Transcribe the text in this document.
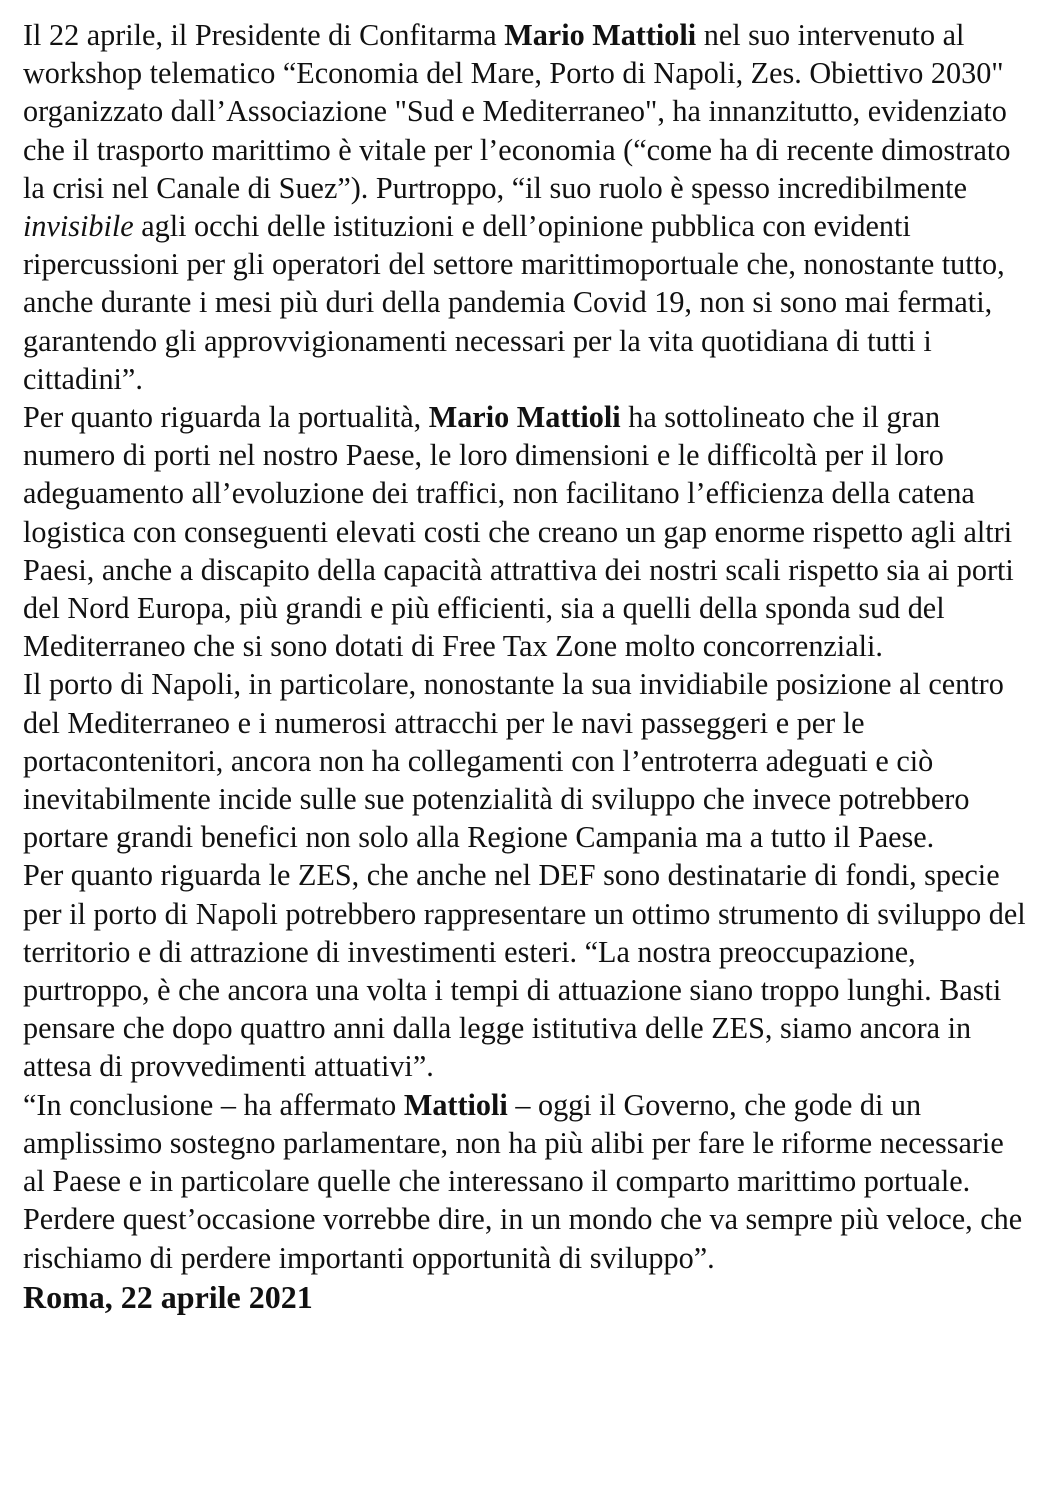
Il 22 aprile, il Presidente di Confitarma Mario Mattioli nel suo intervenuto al workshop telematico “Economia del Mare, Porto di Napoli, Zes. Obiettivo 2030" organizzato dall’Associazione "Sud e Mediterraneo", ha innanzitutto, evidenziato che il trasporto marittimo è vitale per l’economia (“come ha di recente dimostrato la crisi nel Canale di Suez”). Purtroppo, “il suo ruolo è spesso incredibilmente invisibile agli occhi delle istituzioni e dell’opinione pubblica con evidenti ripercussioni per gli operatori del settore marittimoportuale che, nonostante tutto, anche durante i mesi più duri della pandemia Covid 19, non si sono mai fermati, garantendo gli approvvigionamenti necessari per la vita quotidiana di tutti i cittadini”.

Per quanto riguarda la portualità, Mario Mattioli ha sottolineato che il gran numero di porti nel nostro Paese, le loro dimensioni e le difficoltà per il loro adeguamento all’evoluzione dei traffici, non facilitano l’efficienza della catena logistica con conseguenti elevati costi che creano un gap enorme rispetto agli altri Paesi, anche a discapito della capacità attrattiva dei nostri scali rispetto sia ai porti del Nord Europa, più grandi e più efficienti, sia a quelli della sponda sud del Mediterraneo che si sono dotati di Free Tax Zone molto concorrenziali.

Il porto di Napoli, in particolare, nonostante la sua invidiabile posizione al centro del Mediterraneo e i numerosi attracchi per le navi passeggeri e per le portacontenitori, ancora non ha collegamenti con l’entroterra adeguati e ciò inevitabilmente incide sulle sue potenzialità di sviluppo che invece potrebbero portare grandi benefici non solo alla Regione Campania ma a tutto il Paese.

Per quanto riguarda le ZES, che anche nel DEF sono destinatarie di fondi, specie per il porto di Napoli potrebbero rappresentare un ottimo strumento di sviluppo del territorio e di attrazione di investimenti esteri. “La nostra preoccupazione, purtroppo, è che ancora una volta i tempi di attuazione siano troppo lunghi. Basti pensare che dopo quattro anni dalla legge istitutiva delle ZES, siamo ancora in attesa di provvedimenti attuativi”.

“In conclusione – ha affermato Mattioli – oggi il Governo, che gode di un amplissimo sostegno parlamentare, non ha più alibi per fare le riforme necessarie al Paese e in particolare quelle che interessano il comparto marittimo portuale. Perdere quest’occasione vorrebbe dire, in un mondo che va sempre più veloce, che rischiamo di perdere importanti opportunità di sviluppo”.

Roma, 22 aprile 2021
